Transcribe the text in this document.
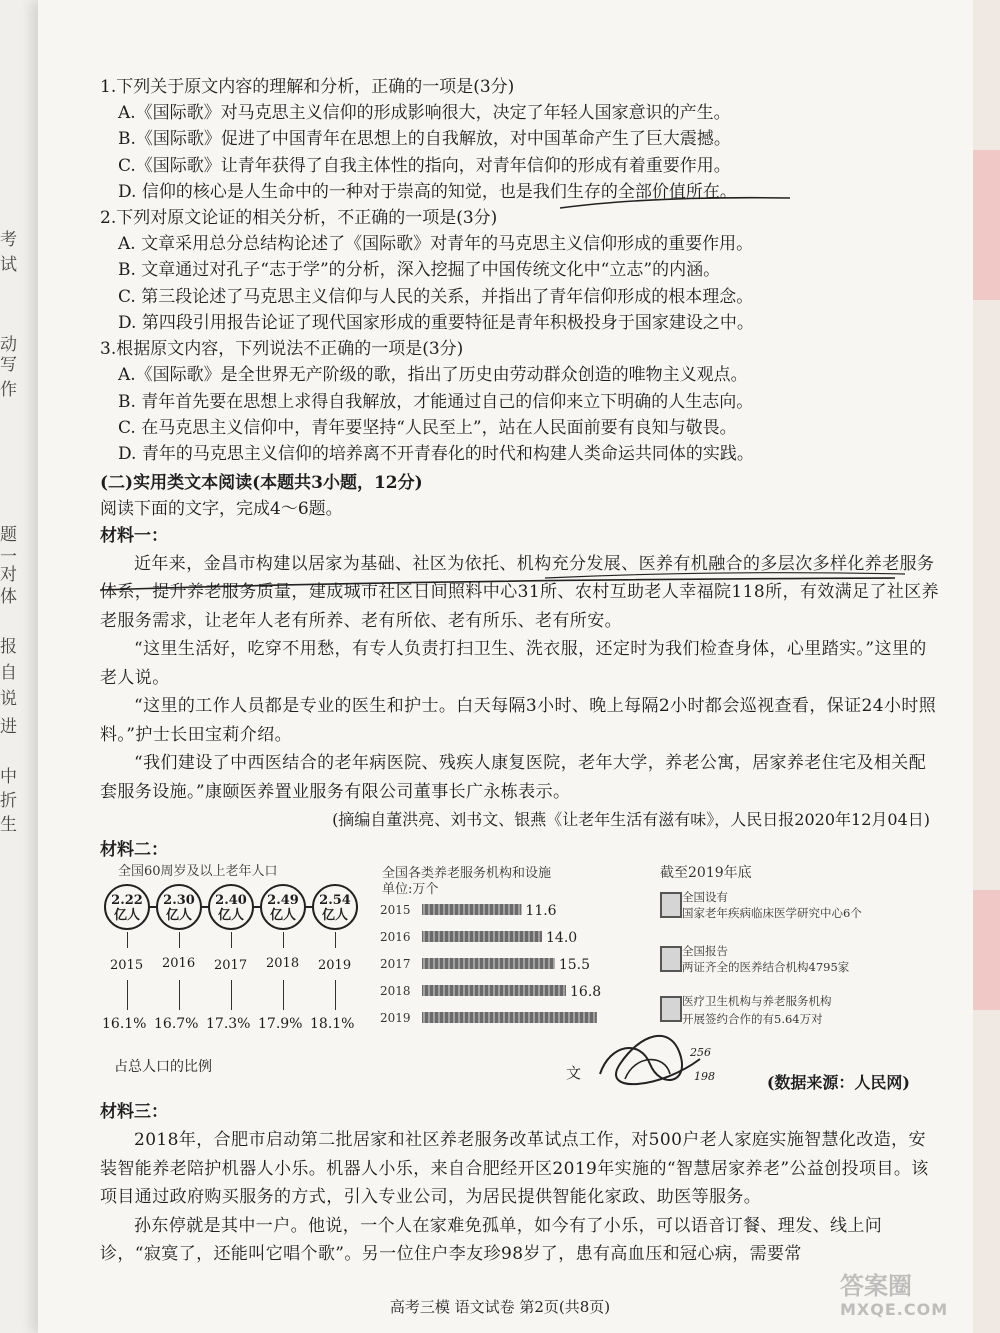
考试
动
写作
题
一
对
体
报
自
说
进
中
折
生
1.下列关于原文内容的理解和分析，正确的一项是(3分)
A.《国际歌》对马克思主义信仰的形成影响很大，决定了年轻人国家意识的产生。
B.《国际歌》促进了中国青年在思想上的自我解放，对中国革命产生了巨大震撼。
C.《国际歌》让青年获得了自我主体性的指向，对青年信仰的形成有着重要作用。
D. 信仰的核心是人生命中的一种对于崇高的知觉，也是我们生存的全部价值所在。
2.下列对原文论证的相关分析，不正确的一项是(3分)
A. 文章采用总分总结构论述了《国际歌》对青年的马克思主义信仰形成的重要作用。
B. 文章通过对孔子“志于学”的分析，深入挖掘了中国传统文化中“立志”的内涵。
C. 第三段论述了马克思主义信仰与人民的关系，并指出了青年信仰形成的根本理念。
D. 第四段引用报告论证了现代国家形成的重要特征是青年积极投身于国家建设之中。
3.根据原文内容，下列说法不正确的一项是(3分)
A.《国际歌》是全世界无产阶级的歌，指出了历史由劳动群众创造的唯物主义观点。
B. 青年首先要在思想上求得自我解放，才能通过自己的信仰来立下明确的人生志向。
C. 在马克思主义信仰中，青年要坚持“人民至上”，站在人民面前要有良知与敬畏。
D. 青年的马克思主义信仰的培养离不开青春化的时代和构建人类命运共同体的实践。
(二)实用类文本阅读(本题共3小题，12分)
阅读下面的文字，完成4～6题。
材料一：

近年来，金昌市构建以居家为基础、社区为依托、机构充分发展、医养有机融合的多层次多样化养老服务体系，提升养老服务质量，建成城市社区日间照料中心31所、农村互助老人幸福院118所，有效满足了社区养老服务需求，让老年人老有所养、老有所依、老有所乐、老有所安。

“这里生活好，吃穿不用愁，有专人负责打扫卫生、洗衣服，还定时为我们检查身体，心里踏实。”这里的老人说。

“这里的工作人员都是专业的医生和护士。白天每隔3小时、晚上每隔2小时都会巡视查看，保证24小时照料。”护士长田宝莉介绍。

“我们建设了中西医结合的老年病医院、残疾人康复医院，老年大学，养老公寓，居家养老住宅及相关配套服务设施。”康颐医养置业服务有限公司董事长广永栋表示。

(摘编自董洪亮、刘书文、银燕《让老年生活有滋有味》，人民日报2020年12月04日)
材料二：
全国60周岁及以上老年人口
2.22
亿人
2015
16.1%
2.30
亿人
2016
16.7%
2.40
亿人
2017
17.3%
2.49
亿人
2018
17.9%
2.54
亿人
2019
18.1%
占总人口的比例
全国各类养老服务机构和设施
单位:万个
2015	11.6
2016	14.0
2017	15.5
2018	16.8
2019
截至2019年底
全国设有
国家老年疾病临床医学研究中心6个
全国报告
两证齐全的医养结合机构4795家
医疗卫生机构与养老服务机构
开展签约合作的有5.64万对
(数据来源：人民网)
文
256
198
材料三：

2018年，合肥市启动第二批居家和社区养老服务改革试点工作，对500户老人家庭实施智慧化改造，安装智能养老陪护机器人小乐。机器人小乐，来自合肥经开区2019年实施的“智慧居家养老”公益创投项目。该项目通过政府购买服务的方式，引入专业公司，为居民提供智能化家政、助医等服务。

孙东停就是其中一户。他说，一个人在家难免孤单，如今有了小乐，可以语音订餐、理发、线上问诊，“寂寞了，还能叫它唱个歌”。另一位住户李友珍98岁了，患有高血压和冠心病，需要常

高考三模 语文试卷 第2页(共8页)
答案圈
MXQE.COM
